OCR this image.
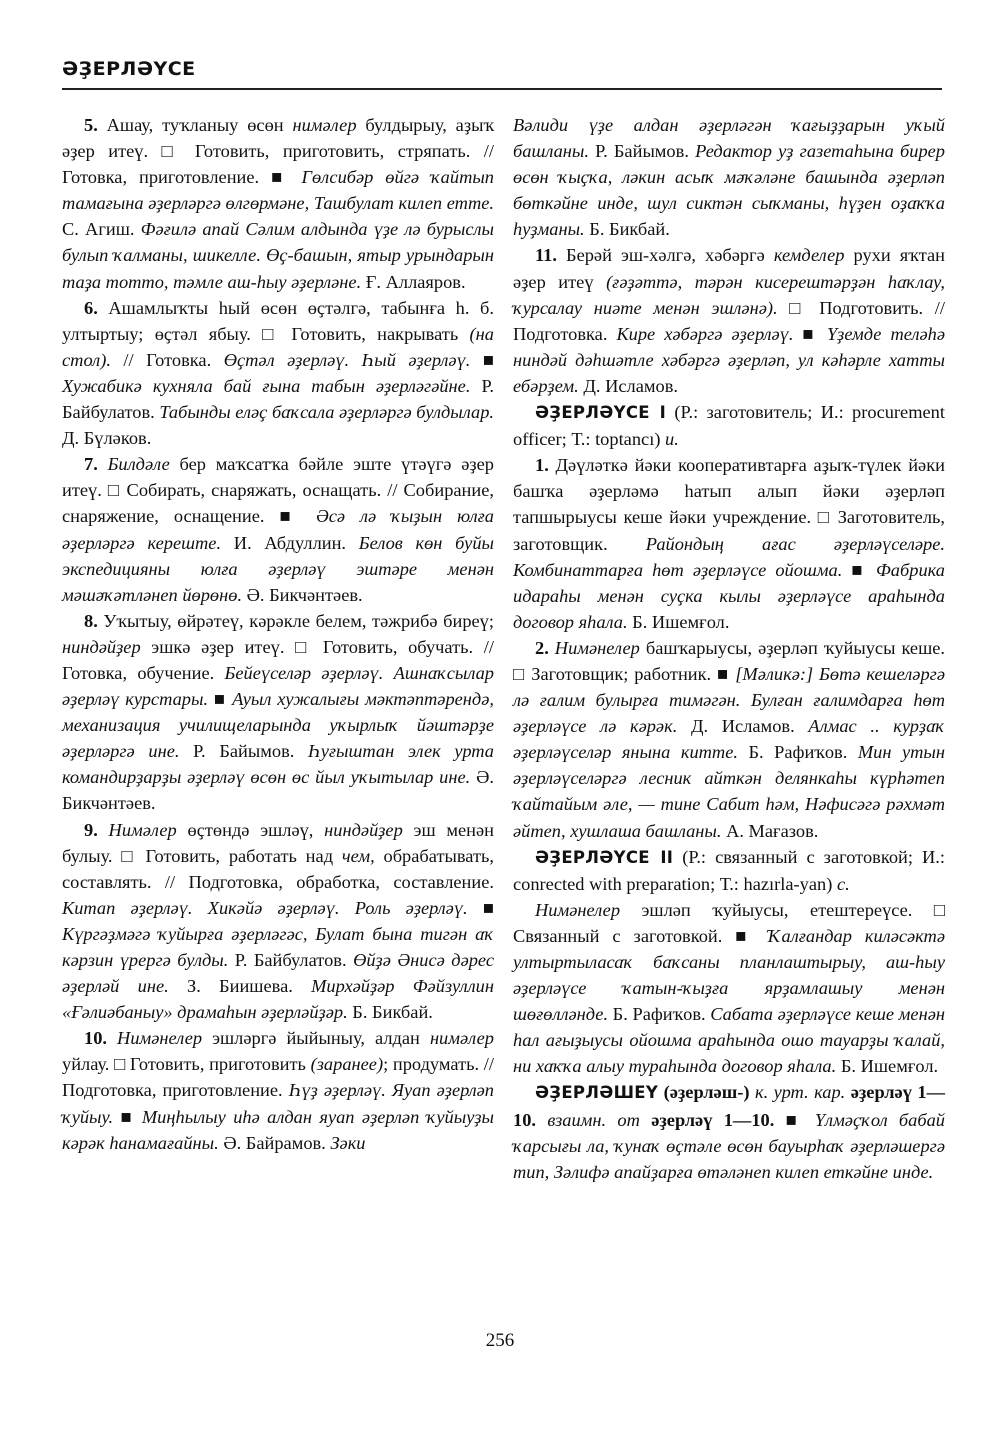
ӘҘЕРЛӘҮСЕ

5. Ашау, туҡланыу өсөн нимәлер булдырыу, аҙыҡ әҙер итеү. □ Готовить, приготовить, стряпать. // Готовка, приготовление. ■ Гөлсибәр өйгә ҡайтып тамағына әҙерләргә өлгөрмәне, Ташбулат килеп етте. С. Агиш. Фәғилә апай Сәлим алдында үҙе лә бурыслы булып ҡалманы, шикелле. Өҫ-башын, ятыр урындарын таҙа тотто, тәмле аш-һыу әҙерләне. Ғ. Аллаяров.

6. Ашамлыҡты һый өсөн өҫтәлгә, табынға һ. б. ултыртыу; өҫтәл ябыу. □ Готовить, накрывать (на стол). // Готовка. Өҫтәл әҙерләү. Һый әҙерләү. ■ Хужабикә кухняла бай ғына табын әҙерләгәйне. Р. Байбулатов. Табынды еләҫ баҡсала әҙерләргә булдылар. Д. Бүләков.

7. Билдәле бер маҡсатҡа бәйле эште үтәүгә әҙер итеү. □ Собирать, снаряжать, оснащать. // Собирание, снаряжение, оснащение. ■ Әсә лә ҡыҙын юлға әҙерләргә кереште. И. Абдуллин. Белов көн буйы экспедицияны юлға әҙерләү эштәре менән мәшәҡәтләнеп йөрөнө. Ә. Бикчәнтәев.

8. Уҡытыу, өйрәтеү, кәрәкле белем, тәжрибә биреү; ниндәйҙер эшкә әҙер итеү. □ Готовить, обучать. // Готовка, обучение. Бейеүселәр әҙерләү. Ашнаҡсылар әҙерләү курстары. ■ Ауыл хужалығы мәктәптәрендә, механизация училищеларында уҡырлыҡ йәштәрҙе әҙерләргә ине. Р. Байымов. Һуғыштан элек урта командирҙарҙы әҙерләү өсөн өс йыл уҡытылар ине. Ә. Бикчәнтәев.

9. Нимәлер өҫтөндә эшләү, ниндәйҙер эш менән булыу. □ Готовить, работать над чем, обрабатывать, составлять. // Подготовка, обработка, составление. Китап әҙерләү. Хикәйә әҙерләү. Роль әҙерләү. ■ Күргәҙмәгә ҡуйырға әҙерләгәс, Булат бына тигән аҡ кәрзин үрергә булды. Р. Байбулатов. Өйҙә Әнисә дәрес әҙерләй ине. З. Биишева. Мирхәйҙәр Фәйзуллин «Ғәлиәбаныу» драмаһын әҙерләйҙәр. Б. Бикбай.

10. Нимәнелер эшләргә йыйыныу, алдан нимәлер уйлау. □ Готовить, приготовить (заранее); продумать. // Подготовка, приготовление. Һүҙ әҙерләү. Яуап әҙерләп ҡуйыу. ■ Миңһылыу иһә алдан яуап әҙерләп ҡуйыуҙы кәрәк һанамағайны. Ә. Байрамов. Зәки

Вәлиди үҙе алдан әҙерләгән ҡағыҙҙарын уҡый башланы. Р. Байымов. Редактор уҙ газетаһына бирер өсөн ҡыҫҡа, ләкин асыҡ мәҡәләне башында әҙерләп бөткәйне инде, шул сиктән сыҡманы, һүҙен оҙаҡҡа һуҙманы. Б. Бикбай.

11. Берәй эш-хәлгә, хәбәргә кемделер рухи яҡтан әҙер итеү (ғәҙәттә, тәрән кисерештәрҙән һаҡлау, ҡурсалау ниәте менән эшләнә). □ Подготовить. // Подготовка. Кире хәбәргә әҙерләү. ■ Үҙемде теләһә ниндәй дәһшәтле хәбәргә әҙерләп, ул кәһәрле хатты ебәрҙем. Д. Исламов.

ӘҘЕРЛӘҮСЕ I (Р.: заготовитель; И.: procurement officer; Т.: toptancı) и.

1. Дәүләткә йәки кооперативтарға аҙыҡ-түлек йәки башҡа әҙерләмә һатып алып йәки әҙерләп тапшырыусы кеше йәки учреждение. □ Заготовитель, заготовщик. Райондың ағас әҙерләүселәре. Комбинаттарға һөт әҙерләүсе ойошма. ■ Фабрика идараһы менән суҫка кылы әҙерләүсе араһында договор яһала. Б. Ишемғол.

2. Нимәнелер башҡарыусы, әҙерләп ҡуйыусы кеше. □ Заготовщик; работник. ■ [Мәликә:] Бөтә кешеләргә лә ғалим булырға тимәгән. Булған ғалимдарға һөт әҙерләүсе лә кәрәк. Д. Исламов. Алмас .. курҙаҡ әҙерләүселәр янына китте. Б. Рафиҡов. Мин утын әҙерләүселәргә лесник айткән делянкаһы күрһәтеп ҡайтайым әле, — тине Сабит һәм, Нәфисәгә рәхмәт әйтеп, хушлаша башланы. А. Мағазов.

ӘҘЕРЛӘҮСЕ II (Р.: связанный с заготовкой; И.: conrected with preparation; Т.: hazırla-yan) с.

Нимәнелер эшләп ҡуйыусы, етештереүсе. □ Связанный с заготовкой. ■ Ҡалғандар киләсәктә ултыртыласаҡ баҡсаны планлаштырыу, аш-һыу әҙерләүсе ҡатын-ҡыҙға ярҙамлашыу менән шөғөлләнде. Б. Рафиҡов. Сабата әҙерләүсе кеше менән һал ағыҙыусы ойошма араһында ошо тауарҙы ҡалай, ни хаҡҡа алыу тураһында договор яһала. Б. Ишемғол.

ӘҘЕРЛӘШЕҮ (әҙерләш-) к. урт. кар. әҙерләү 1—10. взаимн. от әҙерләү 1—10. ■ Үлмәҫҡол бабай ҡарсығы ла, ҡунаҡ өҫтәле өсөн бауырһаҡ әҙерләшергә тип, Зәлифә апайҙарға өтәләнеп килеп еткәйне инде.

256
